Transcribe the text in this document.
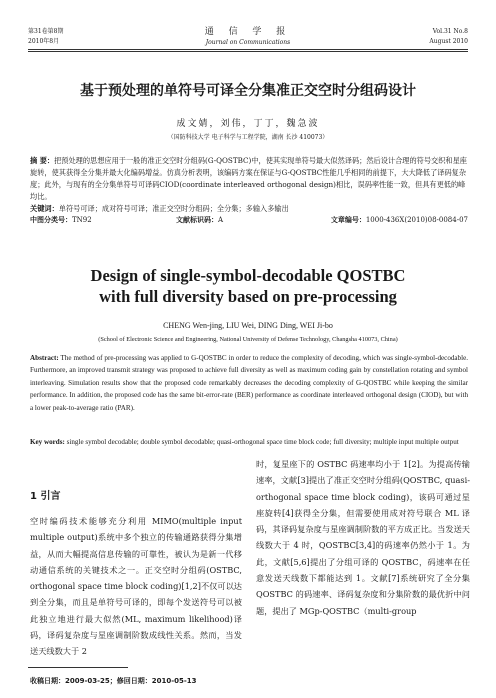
第31卷第8期
2010年8月
通 信 学 报
Journal on Communications
Vol.31 No.8
August 2010
基于预处理的单符号可译全分集准正交空时分组码设计
成文婧，刘伟，丁丁，魏急波
（国防科技大学 电子科学与工程学院，湖南 长沙 410073）
摘 要：把预处理的思想应用于一般的准正交空时分组码(G-QOSTBC)中，使其实现单符号最大似然译码；然后设计合理的符号交织和星座旋转，使其获得全分集并最大化编码增益。仿真分析表明，该编码方案在保证与G-QOSTBC性能几乎相同的前提下，大大降低了译码复杂度；此外，与现有的全分集单符号可译码CIOD(coordinate interleaved orthogonal design)相比，误码率性能一致，但具有更低的峰均比。
关键词：单符号可译；成对符号可译；准正交空时分组码；全分集；多输入多输出
中图分类号：TN92	文献标识码：A	文章编号：1000-436X(2010)08-0084-07
Design of single-symbol-decodable QOSTBC
with full diversity based on pre-processing
CHENG Wen-jing, LIU Wei, DING Ding, WEI Ji-bo
(School of Electronic Science and Engineering, National University of Defense Technology, Changsha 410073, China)
Abstract: The method of pre-processing was applied to G-QOSTBC in order to reduce the complexity of decoding, which was single-symbol-decodable. Furthermore, an improved transmit strategy was proposed to achieve full diversity as well as maximum coding gain by constellation rotating and symbol interleaving. Simulation results show that the proposed code remarkably decreases the decoding complexity of G-QOSTBC while keeping the similar performance. In addition, the proposed code has the same bit-error-rate (BER) performance as coordinate interleaved orthogonal design (CIOD), but with a lower peak-to-average ratio (PAR).
Key words: single symbol decodable; double symbol decodable; quasi-orthogonal space time block code; full diversity; multiple input multiple output
1 引言
空时编码技术能够充分利用 MIMO(multiple input multiple output)系统中多个独立的传输通路获得分集增益，从而大幅提高信息传输的可靠性，被认为是新一代移动通信系统的关键技术之一。正交空时分组码(OSTBC, orthogonal space time block coding)[1,2]不仅可以达到全分集，而且是单符号可译的，即每个发送符号可以被此独立地进行最大似然(ML, maximum likelihood)译码，译码复杂度与星座调制阶数成线性关系。然而，当发送天线数大于 2
时，复星座下的 OSTBC 码速率均小于 1[2]。为提高传输速率，文献[3]提出了准正交空时分组码(QOSTBC, quasi-orthogonal space time block coding)，该码可通过星座旋转[4]获得全分集，但需要使用成对符号联合 ML 译码，其译码复杂度与星座调制阶数的平方成正比。当发送天线数大于 4 时，QOSTBC[3,4]的码速率仍然小于 1。为此，文献[5,6]提出了分组可译的 QOSTBC，码速率在任意发送天线数下都能达到 1。文献[7]系统研究了全分集QOSTBC 的码速率、译码复杂度和分集阶数的最优折中问题，提出了 MGp-QOSTBC（multi-group
收稿日期：2009-03-25；修回日期：2010-05-13
